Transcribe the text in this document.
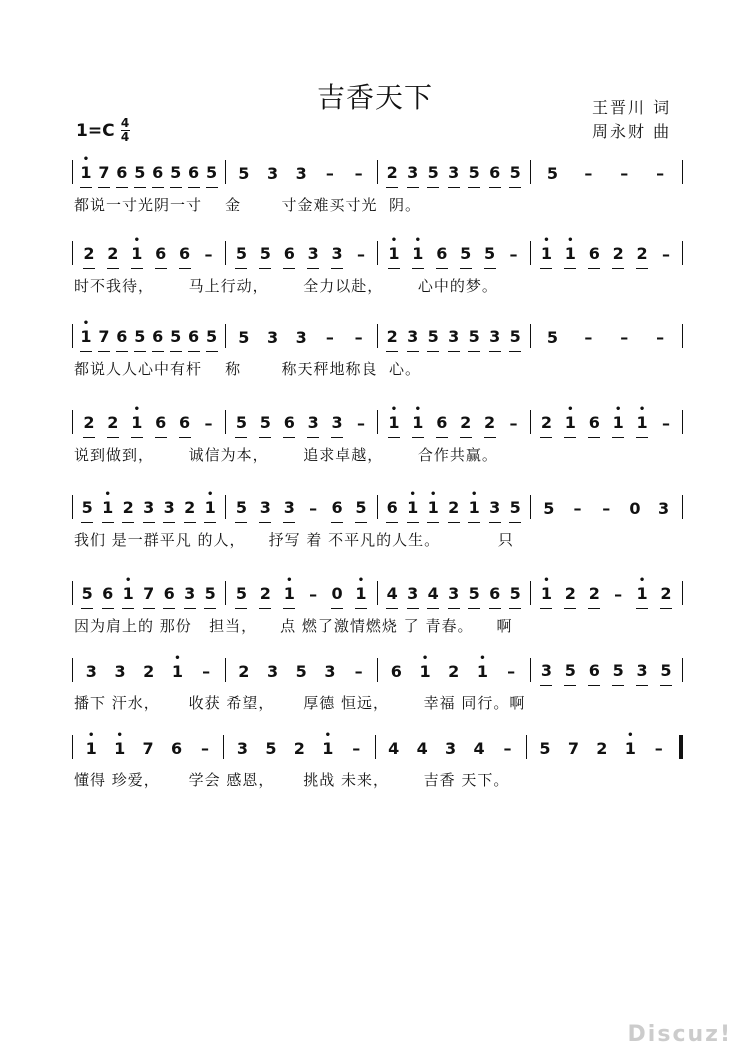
吉香天下	王晋川 词
周永财 曲
1=C 4
4
1
•
7 6 5 6 5 6 5 5 3 3 – – 2 3 5 3 5 6 5 5 – – –
都说一寸光阴一寸    金       寸金难买寸光  阴。
2 2 1
•
6 6 – 5 5 6 3 3 – 1
•
1
•
6 5 5 – 1
•
1
•
6 2 2 –
时不我待，      马上行动，      全力以赴，      心中的梦。
1
•
7 6 5 6 5 6 5 5 3 3 – – 2 3 5 3 5 3 5 5 – – –
都说人人心中有杆    称       称天秤地称良  心。
2 2 1
•
6 6 – 5 5 6 3 3 – 1
•
1
•
6 2 2 – 2 1
•
6 1
•
1
•
–
说到做到，      诚信为本，      追求卓越，      合作共赢。
5 1
•
2 3 3 2 1
•
5 3 3 – 6 5 6 1
•
1
•
2 1
•
3 5 5 – – 0 3
我们 是一群平凡 的人，    抒写 着 不平凡的人生。          只
5 6 1
•
7 6 3 5 5 2 1
•
– 0 1
•
4 3 4 3 5 6 5 1
•
2 2 – 1
•
2
因为肩上的 那份   担当，    点 燃了激情燃烧 了 青春。    啊
3 3 2 1
•
– 2 3 5 3 – 6 1
•
2 1
•
– 3 5 6 5 3 5
播下 汗水，     收获 希望，     厚德 恒远，      幸福 同行。啊
1
•
1
•
7 6 – 3 5 2 1
•
– 4 4 3 4 – 5 7 2 1
•
–
懂得 珍爱，     学会 感恩，     挑战 未来，      吉香 天下。
Discuz!
